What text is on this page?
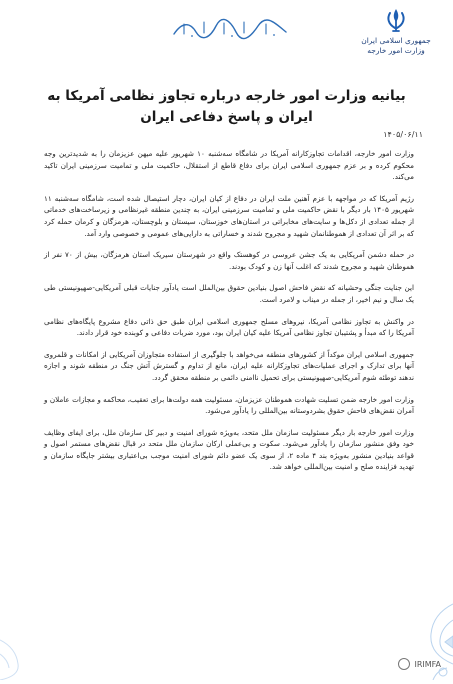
جمهوری اسلامی ایران
وزارت امور خارجه
بیانیه وزارت امور خارجه درباره تجاوز نظامی آمریکا به ایران و پاسخ دفاعی ایران
۱۴۰۵/۰۶/۱۱

وزارت امور خارجه، اقدامات تجاوزکارانه آمریکا در شامگاه سه‌شنبه ۱۰ شهریور علیه میهن عزیزمان را به شدیدترین وجه محکوم کرده و بر عزم جمهوری اسلامی ایران برای دفاع قاطع از استقلال، حاکمیت ملی و تمامیت سرزمینی ایران تاکید می‌کند.

رژیم آمریکا که در مواجهه با عزم آهنین ملت ایران در دفاع از کیان ایران، دچار استیصال شده است، شامگاه سه‌شنبه ۱۱ شهریور ۱۴۰۵ بار دیگر با نقض حاکمیت ملی و تمامیت سرزمینی ایران، به چندین منطقه غیرنظامی و زیرساخت‌های خدماتی از جمله تعدادی از دکل‌ها و سایت‌های مخابراتی در استان‌های خوزستان، سیستان و بلوچستان، هرمزگان و کرمان حمله کرد که بر اثر آن تعدادی از هموطنانمان شهید و مجروح شدند و خساراتی به دارایی‌های عمومی و خصوصی وارد آمد.

در حمله دشمن آمریکایی به یک جشن عروسی در کوهستک واقع در شهرستان سیریک استان هرمزگان، بیش از ۷۰ نفر از هموطنان شهید و مجروح شدند که اغلب آنها زن و کودک بودند.

این جنایت جنگی وحشیانه که نقض فاحش اصول بنیادین حقوق بین‌الملل است یادآور جنایات قبلی آمریکایی-صهیونیستی طی یک سال و نیم اخیر، از جمله در میناب و لامرد است.

در واکنش به تجاوز نظامی آمریکا، نیروهای مسلح جمهوری اسلامی ایران طبق حق ذاتی دفاع مشروع پایگاه‌های نظامی آمریکا را که مبدأ و پشتیبان تجاوز نظامی آمریکا علیه کیان ایران بود، مورد ضربات دفاعی و کوبنده خود قرار دادند.

جمهوری اسلامی ایران موکداً از کشورهای منطقه می‌خواهد با جلوگیری از استفاده متجاوزان آمریکایی از امکانات و قلمروی آنها برای تدارک و اجرای عملیات‌های تجاوزکارانه علیه ایران، مانع از تداوم و گسترش آتش جنگ در منطقه شوند و اجازه ندهند توطئه شوم آمریکایی-صهیونیستی برای تحمیل ناامنی دائمی بر منطقه محقق گردد.

وزارت امور خارجه ضمن تسلیت شهادت هموطنان عزیزمان، مسئولیت همه دولت‌ها برای تعقیب، محاکمه و مجازات عاملان و آمران نقض‌های فاحش حقوق بشردوستانه بین‌المللی را یادآور می‌شود.

وزارت امور خارجه بار دیگر مسئولیت سازمان ملل متحد، به‌ویژه شورای امنیت و دبیر کل سازمان ملل، برای ایفای وظایف خود وفق منشور سازمان را یادآور می‌شود. سکوت و بی‌عملی ارکان سازمان ملل متحد در قبال نقض‌های مستمر اصول و قواعد بنیادین منشور به‌ویژه بند ۴ ماده ۲، از سوی یک عضو دائم شورای امنیت موجب بی‌اعتباری بیشتر جایگاه سازمان و تهدید فزاینده صلح و امنیت بین‌المللی خواهد شد.

IRIMFA
